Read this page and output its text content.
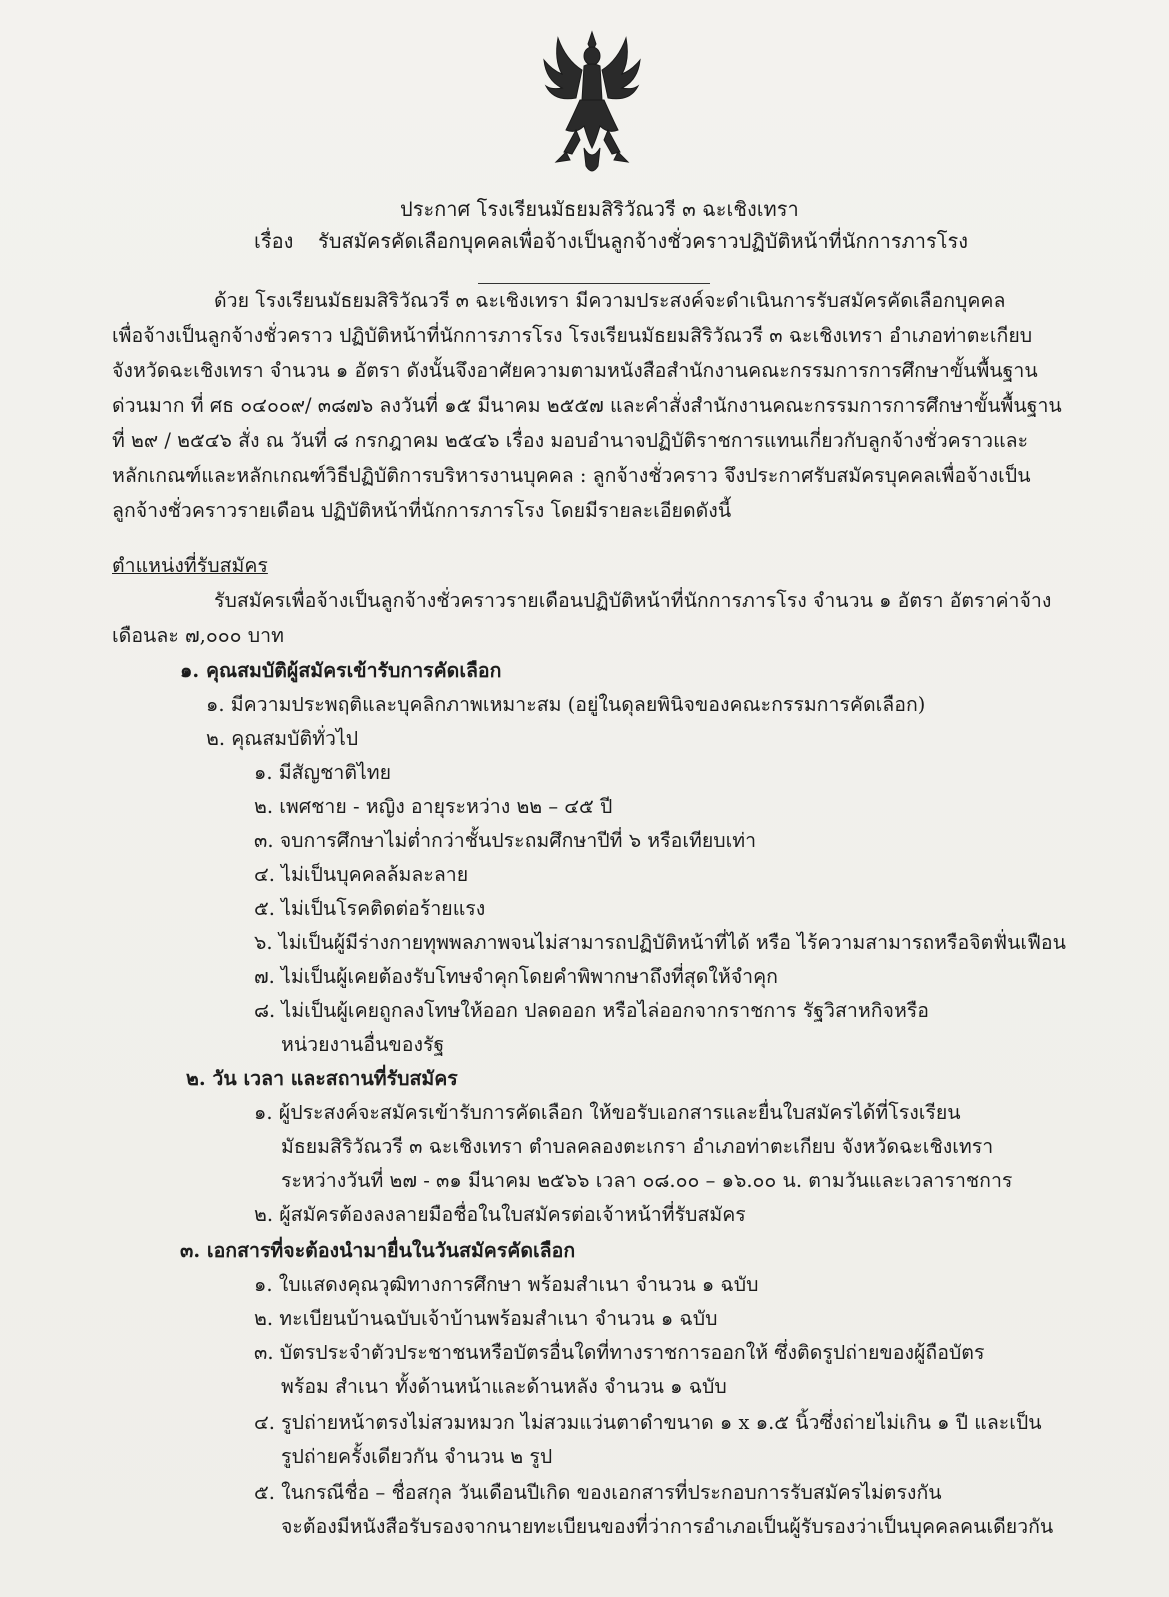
ประกาศ โรงเรียนมัธยมสิริวัณวรี ๓ ฉะเชิงเทรา
เรื่อง รับสมัครคัดเลือกบุคคลเพื่อจ้างเป็นลูกจ้างชั่วคราวปฏิบัติหน้าที่นักการภารโรง
ด้วย โรงเรียนมัธยมสิริวัณวรี ๓ ฉะเชิงเทรา มีความประสงค์จะดำเนินการรับสมัครคัดเลือกบุคคล
เพื่อจ้างเป็นลูกจ้างชั่วคราว ปฏิบัติหน้าที่นักการภารโรง โรงเรียนมัธยมสิริวัณวรี ๓ ฉะเชิงเทรา อำเภอท่าตะเกียบ
จังหวัดฉะเชิงเทรา จำนวน ๑ อัตรา ดังนั้นจึงอาศัยความตามหนังสือสำนักงานคณะกรรมการการศึกษาขั้นพื้นฐาน
ด่วนมาก ที่ ศธ ๐๔๐๐๙/ ๓๘๗๖ ลงวันที่ ๑๕ มีนาคม ๒๕๕๗ และคำสั่งสำนักงานคณะกรรมการการศึกษาขั้นพื้นฐาน
ที่ ๒๙ / ๒๕๔๖ สั่ง ณ วันที่ ๘ กรกฎาคม ๒๕๔๖ เรื่อง มอบอำนาจปฏิบัติราชการแทนเกี่ยวกับลูกจ้างชั่วคราวและ
หลักเกณฑ์และหลักเกณฑ์วิธีปฏิบัติการบริหารงานบุคคล : ลูกจ้างชั่วคราว จึงประกาศรับสมัครบุคคลเพื่อจ้างเป็น
ลูกจ้างชั่วคราวรายเดือน ปฏิบัติหน้าที่นักการภารโรง โดยมีรายละเอียดดังนี้
ตำแหน่งที่รับสมัคร
รับสมัครเพื่อจ้างเป็นลูกจ้างชั่วคราวรายเดือนปฏิบัติหน้าที่นักการภารโรง จำนวน ๑ อัตรา อัตราค่าจ้าง
เดือนละ ๗,๐๐๐ บาท
๑. คุณสมบัติผู้สมัครเข้ารับการคัดเลือก
๑. มีความประพฤติและบุคลิกภาพเหมาะสม (อยู่ในดุลยพินิจของคณะกรรมการคัดเลือก)
๒. คุณสมบัติทั่วไป
๑. มีสัญชาติไทย
๒. เพศชาย - หญิง อายุระหว่าง ๒๒ – ๔๕ ปี
๓. จบการศึกษาไม่ต่ำกว่าชั้นประถมศึกษาปีที่ ๖ หรือเทียบเท่า
๔. ไม่เป็นบุคคลล้มละลาย
๕. ไม่เป็นโรคติดต่อร้ายแรง
๖. ไม่เป็นผู้มีร่างกายทุพพลภาพจนไม่สามารถปฏิบัติหน้าที่ได้ หรือ ไร้ความสามารถหรือจิตฟั่นเฟือน
๗. ไม่เป็นผู้เคยต้องรับโทษจำคุกโดยคำพิพากษาถึงที่สุดให้จำคุก
๘. ไม่เป็นผู้เคยถูกลงโทษให้ออก ปลดออก หรือไล่ออกจากราชการ รัฐวิสาหกิจหรือ
หน่วยงานอื่นของรัฐ
๒. วัน เวลา และสถานที่รับสมัคร
๑. ผู้ประสงค์จะสมัครเข้ารับการคัดเลือก ให้ขอรับเอกสารและยื่นใบสมัครได้ที่โรงเรียน
มัธยมสิริวัณวรี ๓ ฉะเชิงเทรา ตำบลคลองตะเกรา อำเภอท่าตะเกียบ จังหวัดฉะเชิงเทรา
ระหว่างวันที่ ๒๗ - ๓๑ มีนาคม ๒๕๖๖ เวลา ๐๘.๐๐ – ๑๖.๐๐ น. ตามวันและเวลาราชการ
๒. ผู้สมัครต้องลงลายมือชื่อในใบสมัครต่อเจ้าหน้าที่รับสมัคร
๓. เอกสารที่จะต้องนำมายื่นในวันสมัครคัดเลือก
๑. ใบแสดงคุณวุฒิทางการศึกษา พร้อมสำเนา จำนวน ๑ ฉบับ
๒. ทะเบียนบ้านฉบับเจ้าบ้านพร้อมสำเนา จำนวน ๑ ฉบับ
๓. บัตรประจำตัวประชาชนหรือบัตรอื่นใดที่ทางราชการออกให้ ซึ่งติดรูปถ่ายของผู้ถือบัตร
พร้อม สำเนา ทั้งด้านหน้าและด้านหลัง จำนวน ๑ ฉบับ
๔. รูปถ่ายหน้าตรงไม่สวมหมวก ไม่สวมแว่นตาดำขนาด ๑ x ๑.๕ นิ้วซึ่งถ่ายไม่เกิน ๑ ปี และเป็น
รูปถ่ายครั้งเดียวกัน จำนวน ๒ รูป
๕. ในกรณีชื่อ – ชื่อสกุล วันเดือนปีเกิด ของเอกสารที่ประกอบการรับสมัครไม่ตรงกัน
จะต้องมีหนังสือรับรองจากนายทะเบียนของที่ว่าการอำเภอเป็นผู้รับรองว่าเป็นบุคคลคนเดียวกัน
